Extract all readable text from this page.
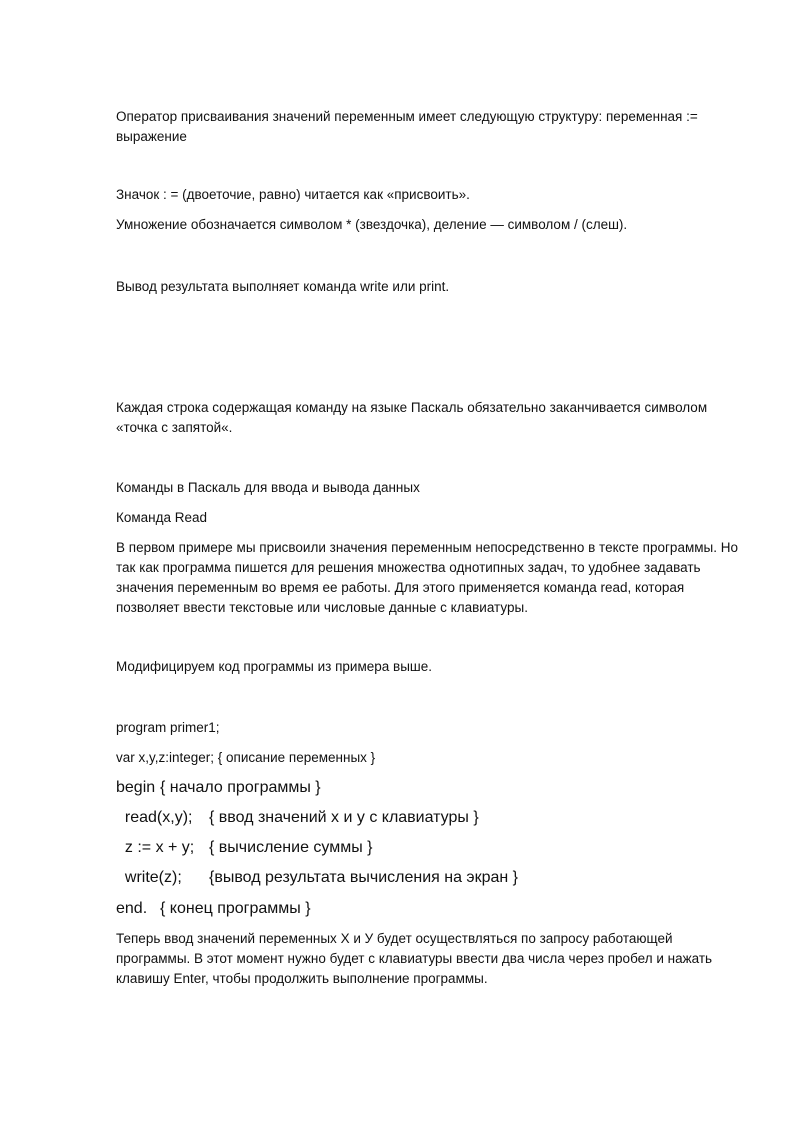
Оператор присваивания значений переменным имеет следующую структуру: переменная := выражение

Значок : = (двоеточие, равно) читается как «присвоить».

Умножение обозначается символом * (звездочка), деление — символом / (слеш).

Вывод результата выполняет команда write или print.

Каждая строка содержащая команду на языке Паскаль обязательно заканчивается символом «точка с запятой«.

Команды в Паскаль для ввода и вывода данных

Команда Read

В первом примере мы присвоили значения переменным непосредственно в тексте программы. Но так как программа пишется для решения множества однотипных задач, то удобнее задавать значения переменным во время ее работы. Для этого применяется команда read, которая позволяет ввести текстовые или числовые данные с клавиатуры.

Модифицируем код программы из примера выше.

program primer1;
var x,y,z:integer; { описание переменных }
begin { начало программы }
read(x,y); { ввод значений x и y с клавиатуры }
z := x + y; { вычисление суммы }
write(z); {вывод результата вычисления на экран }
end. { конец программы }

Теперь ввод значений переменных X и У будет осуществляться по запросу работающей программы. В этот момент нужно будет с клавиатуры ввести два числа через пробел и нажать клавишу Enter, чтобы продолжить выполнение программы.
